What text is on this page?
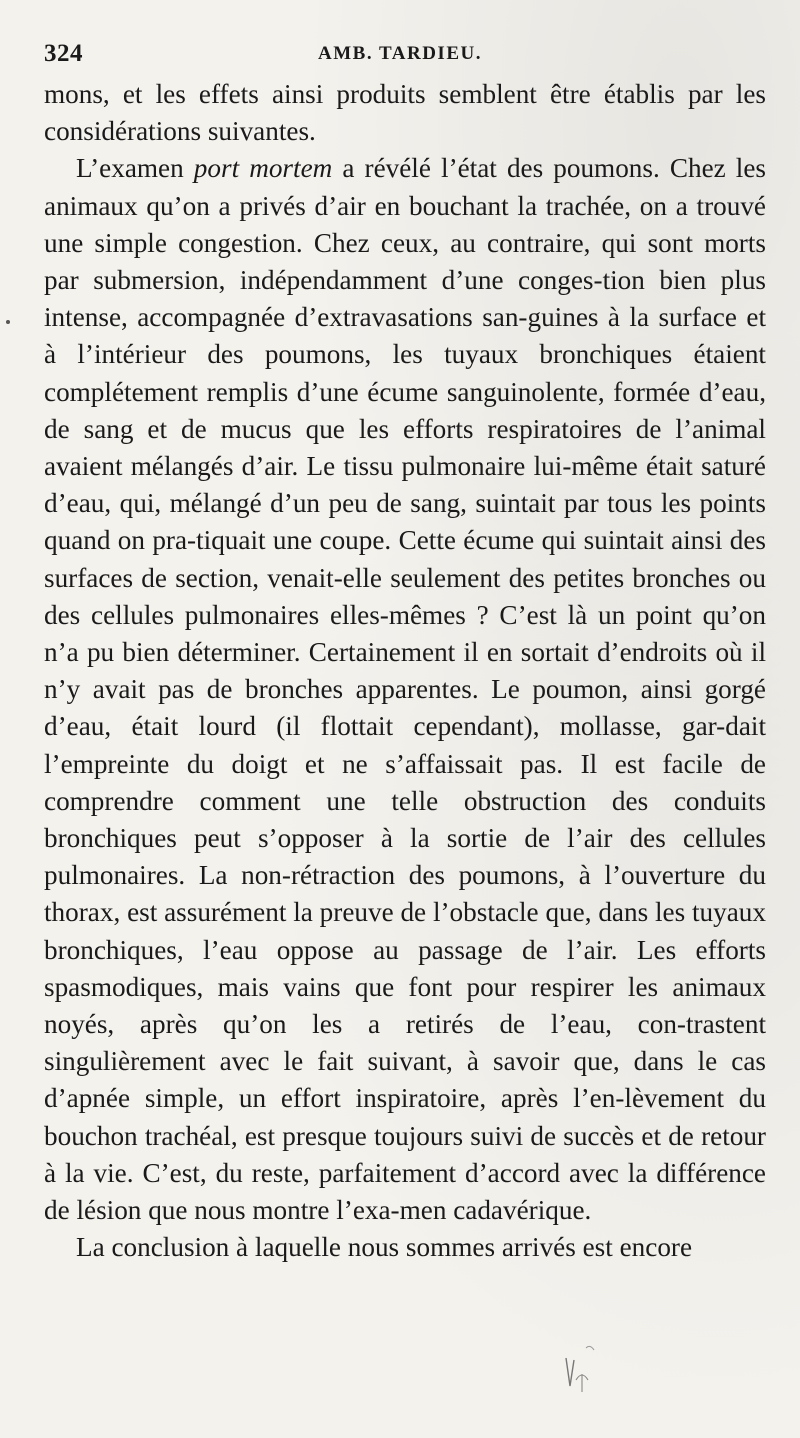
324	AMB. TARDIEU.

mons, et les effets ainsi produits semblent être établis par les considérations suivantes.

L’examen port mortem a révélé l’état des poumons. Chez les animaux qu’on a privés d’air en bouchant la trachée, on a trouvé une simple congestion. Chez ceux, au contraire, qui sont morts par submersion, indépendamment d’une conges-tion bien plus intense, accompagnée d’extravasations san-guines à la surface et à l’intérieur des poumons, les tuyaux bronchiques étaient complétement remplis d’une écume sanguinolente, formée d’eau, de sang et de mucus que les efforts respiratoires de l’animal avaient mélangés d’air. Le tissu pulmonaire lui-même était saturé d’eau, qui, mélangé d’un peu de sang, suintait par tous les points quand on pra-tiquait une coupe. Cette écume qui suintait ainsi des surfaces de section, venait-elle seulement des petites bronches ou des cellules pulmonaires elles-mêmes ? C’est là un point qu’on n’a pu bien déterminer. Certainement il en sortait d’endroits où il n’y avait pas de bronches apparentes. Le poumon, ainsi gorgé d’eau, était lourd (il flottait cependant), mollasse, gar-dait l’empreinte du doigt et ne s’affaissait pas. Il est facile de comprendre comment une telle obstruction des conduits bronchiques peut s’opposer à la sortie de l’air des cellules pulmonaires. La non-rétraction des poumons, à l’ouverture du thorax, est assurément la preuve de l’obstacle que, dans les tuyaux bronchiques, l’eau oppose au passage de l’air. Les efforts spasmodiques, mais vains que font pour respirer les animaux noyés, après qu’on les a retirés de l’eau, con-trastent singulièrement avec le fait suivant, à savoir que, dans le cas d’apnée simple, un effort inspiratoire, après l’en-lèvement du bouchon trachéal, est presque toujours suivi de succès et de retour à la vie. C’est, du reste, parfaitement d’accord avec la différence de lésion que nous montre l’exa-men cadavérique.

La conclusion à laquelle nous sommes arrivés est encore
